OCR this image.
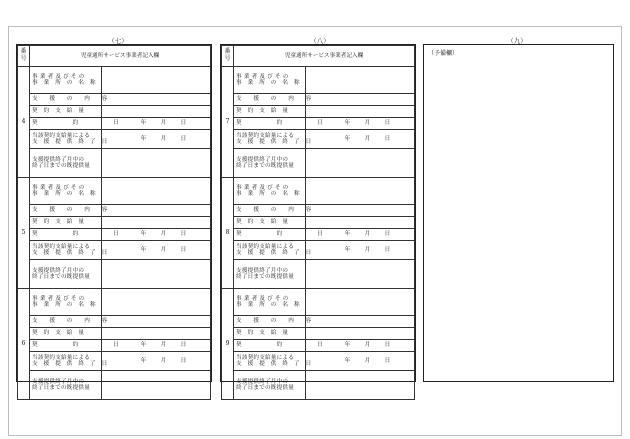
（七）	（八）	（九）
番号	児童通所サービス事業者記入欄	
4	事 業 者 及 び そ の
事　業　所　の　名　称	

	支　　援　　の　　内　　容	
	契　約　支　給　量	
	契　　　　　　約　　　　　　日	年 月 日

	当該契約支給量による
支　援　提　供　終　了　日	年 月 日

	支援提供終了月中の
終了日までの既提供量	

5	事 業 者 及 び そ の
事　業　所　の　名　称	

	支　　援　　の　　内　　容	
	契　約　支　給　量	
	契　　　　　　約　　　　　　日	年 月 日

	当該契約支給量による
支　援　提　供　終　了　日	年 月 日

	支援提供終了月中の
終了日までの既提供量	

6	事 業 者 及 び そ の
事　業　所　の　名　称	

	支　　援　　の　　内　　容	
	契　約　支　給　量	
	契　　　　　　約　　　　　　日	年 月 日

	当該契約支給量による
支　援　提　供　終　了　日	年 月 日

	支援提供終了月中の
終了日までの既提供量	

番号	児童通所サービス事業者記入欄	
7	事 業 者 及 び そ の
事　業　所　の　名　称	

	支　　援　　の　　内　　容	
	契　約　支　給　量	
	契　　　　　　約　　　　　　日	年 月 日

	当該契約支給量による
支　援　提　供　終　了　日	年 月 日

	支援提供終了月中の
終了日までの既提供量	

8	事 業 者 及 び そ の
事　業　所　の　名　称	

	支　　援　　の　　内　　容	
	契　約　支　給　量	
	契　　　　　　約　　　　　　日	年 月 日

	当該契約支給量による
支　援　提　供　終　了　日	年 月 日

	支援提供終了月中の
終了日までの既提供量	

9	事 業 者 及 び そ の
事　業　所　の　名　称	

	支　　援　　の　　内　　容	
	契　約　支　給　量	
	契　　　　　　約　　　　　　日	年 月 日

	当該契約支給量による
支　援　提　供　終　了　日	年 月 日

	支援提供終了月中の
終了日までの既提供量	

（予備欄）
